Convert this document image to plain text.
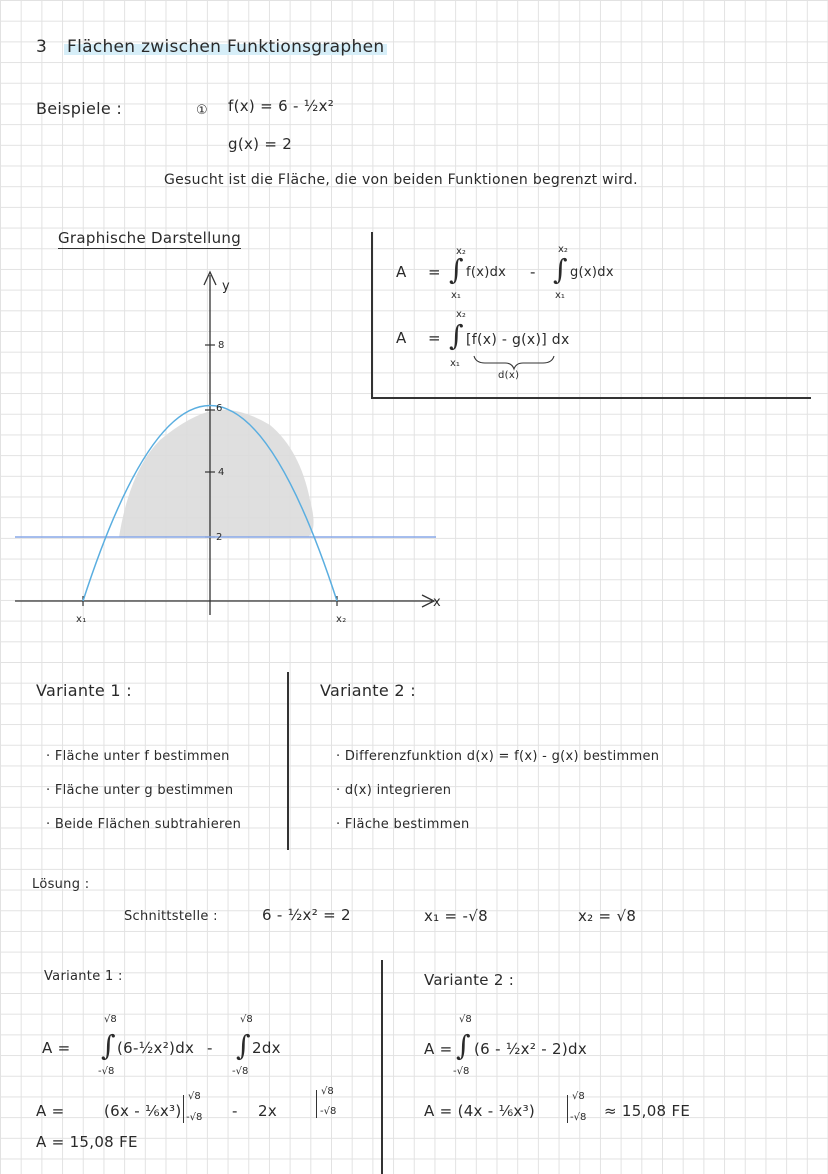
3 Flächen zwischen Funktionsgraphen
Beispiele :	① f(x) = 6 - ½x²
g(x) = 2
Gesucht ist die Fläche, die von beiden Funktionen begrenzt wird.
Graphische Darstellung
y
x
8
6
4
2
x₁	x₂
A = ∫
x₂
x₁
f(x)dx - ∫
x₂
x₁
g(x)dx
A = ∫
x₂
x₁
[f(x) - g(x)] dx
d(x)
Variante 1 :	Variante 2 :
· Fläche unter f bestimmen
· Fläche unter g bestimmen
· Beide Flächen subtrahieren
· Differenzfunktion d(x) = f(x) - g(x) bestimmen
· d(x) integrieren
· Fläche bestimmen
Lösung :
Schnittstelle :	6 - ½x² = 2	x₁ = -√8	x₂ = √8
Variante 1 :
A = ∫
√8
-√8
(6-½x²)dx - ∫
√8
-√8
2dx
A =	(6x - ⅙x³)
√8
-√8 - 2x
√8
-√8
A = 15,08 FE
Variante 2 :
A = ∫
√8
-√8
(6 - ½x² - 2)dx
A = (4x - ⅙x³)
√8
-√8 ≈ 15,08 FE
